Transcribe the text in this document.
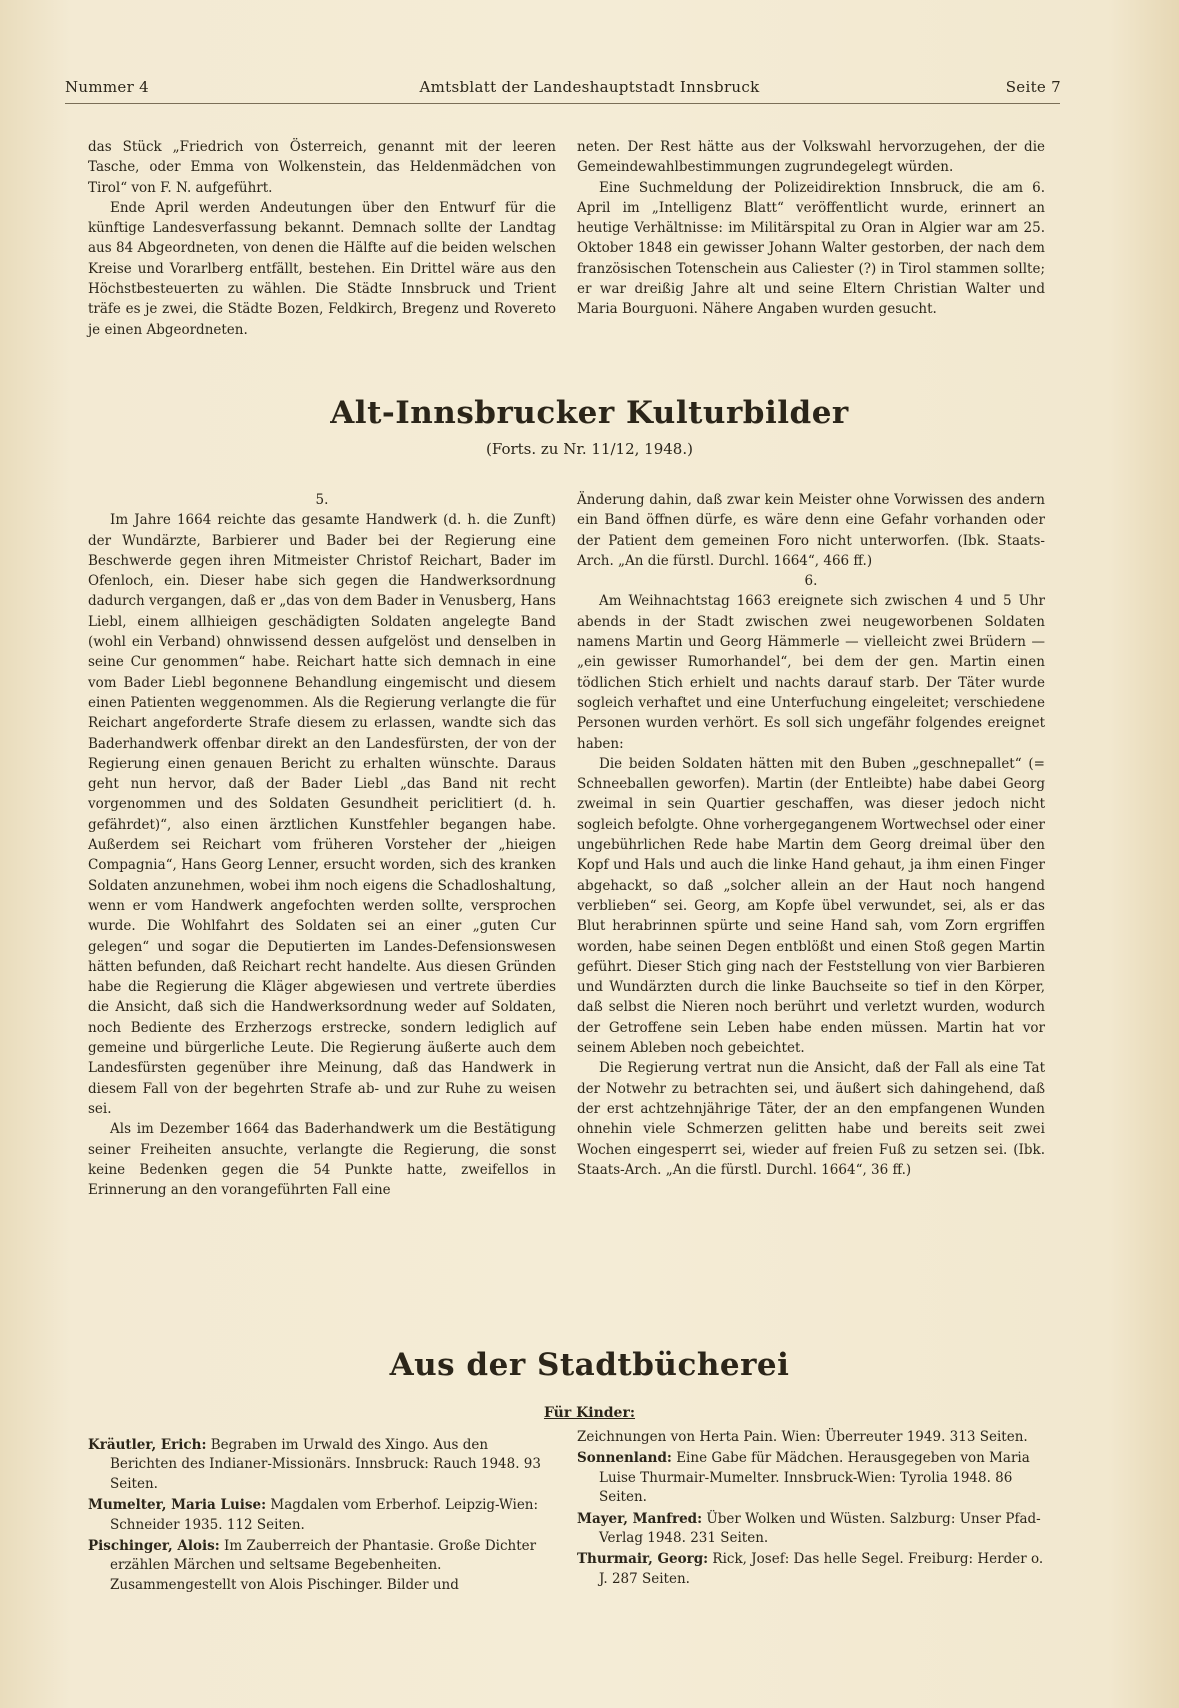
Nummer 4	Amtsblatt der Landeshauptstadt Innsbruck	Seite 7

das Stück „Friedrich von Österreich, genannt mit der leeren Tasche, oder Emma von Wolkenstein, das Heldenmädchen von Tirol“ von F. N. aufgeführt.

Ende April werden Andeutungen über den Entwurf für die künftige Landesverfassung bekannt. Demnach sollte der Landtag aus 84 Abgeordneten, von denen die Hälfte auf die beiden welschen Kreise und Vorarlberg entfällt, bestehen. Ein Drittel wäre aus den Höchstbesteuerten zu wählen. Die Städte Innsbruck und Trient träfe es je zwei, die Städte Bozen, Feldkirch, Bregenz und Rovereto je einen Abgeordneten.

neten. Der Rest hätte aus der Volkswahl hervorzugehen, der die Gemeindewahlbestimmungen zugrundegelegt würden.

Eine Suchmeldung der Polizeidirektion Innsbruck, die am 6. April im „Intelligenz Blatt“ veröffentlicht wurde, erinnert an heutige Verhältnisse: im Militärspital zu Oran in Algier war am 25. Oktober 1848 ein gewisser Johann Walter gestorben, der nach dem französischen Totenschein aus Caliester (?) in Tirol stammen sollte; er war dreißig Jahre alt und seine Eltern Christian Walter und Maria Bourguoni. Nähere Angaben wurden gesucht.

Alt-Innsbrucker Kulturbilder
(Forts. zu Nr. 11/12, 1948.)

5.

Im Jahre 1664 reichte das gesamte Handwerk (d. h. die Zunft) der Wundärzte, Barbierer und Bader bei der Regierung eine Beschwerde gegen ihren Mitmeister Christof Reichart, Bader im Ofenloch, ein. Dieser habe sich gegen die Handwerksordnung dadurch vergangen, daß er „das von dem Bader in Venusberg, Hans Liebl, einem allhieigen geschädigten Soldaten angelegte Band (wohl ein Verband) ohnwissend dessen aufgelöst und denselben in seine Cur genommen“ habe. Reichart hatte sich demnach in eine vom Bader Liebl begonnene Behandlung eingemischt und diesem einen Patienten weggenommen. Als die Regierung verlangte die für Reichart angeforderte Strafe diesem zu erlassen, wandte sich das Baderhandwerk offenbar direkt an den Landesfürsten, der von der Regierung einen genauen Bericht zu erhalten wünschte. Daraus geht nun hervor, daß der Bader Liebl „das Band nit recht vorgenommen und des Soldaten Gesundheit periclitiert (d. h. gefährdet)“, also einen ärztlichen Kunstfehler begangen habe. Außerdem sei Reichart vom früheren Vorsteher der „hieigen Compagnia“, Hans Georg Lenner, ersucht worden, sich des kranken Soldaten anzunehmen, wobei ihm noch eigens die Schadloshaltung, wenn er vom Handwerk angefochten werden sollte, versprochen wurde. Die Wohlfahrt des Soldaten sei an einer „guten Cur gelegen“ und sogar die Deputierten im Landes-Defensionswesen hätten befunden, daß Reichart recht handelte. Aus diesen Gründen habe die Regierung die Kläger abgewiesen und vertrete überdies die Ansicht, daß sich die Handwerksordnung weder auf Soldaten, noch Bediente des Erzherzogs erstrecke, sondern lediglich auf gemeine und bürgerliche Leute. Die Regierung äußerte auch dem Landesfürsten gegenüber ihre Meinung, daß das Handwerk in diesem Fall von der begehrten Strafe ab- und zur Ruhe zu weisen sei.

Als im Dezember 1664 das Baderhandwerk um die Bestätigung seiner Freiheiten ansuchte, verlangte die Regierung, die sonst keine Bedenken gegen die 54 Punkte hatte, zweifellos in Erinnerung an den vorangeführten Fall eine

Änderung dahin, daß zwar kein Meister ohne Vorwissen des andern ein Band öffnen dürfe, es wäre denn eine Gefahr vorhanden oder der Patient dem gemeinen Foro nicht unterworfen. (Ibk. Staats-Arch. „An die fürstl. Durchl. 1664“, 466 ff.)

6.

Am Weihnachtstag 1663 ereignete sich zwischen 4 und 5 Uhr abends in der Stadt zwischen zwei neugeworbenen Soldaten namens Martin und Georg Hämmerle — vielleicht zwei Brüdern — „ein gewisser Rumorhandel“, bei dem der gen. Martin einen tödlichen Stich erhielt und nachts darauf starb. Der Täter wurde sogleich verhaftet und eine Unterfuchung eingeleitet; verschiedene Personen wurden verhört. Es soll sich ungefähr folgendes ereignet haben:

Die beiden Soldaten hätten mit den Buben „geschnepallet“ (= Schneeballen geworfen). Martin (der Entleibte) habe dabei Georg zweimal in sein Quartier geschaffen, was dieser jedoch nicht sogleich befolgte. Ohne vorhergegangenem Wortwechsel oder einer ungebührlichen Rede habe Martin dem Georg dreimal über den Kopf und Hals und auch die linke Hand gehaut, ja ihm einen Finger abgehackt, so daß „solcher allein an der Haut noch hangend verblieben“ sei. Georg, am Kopfe übel verwundet, sei, als er das Blut herabrinnen spürte und seine Hand sah, vom Zorn ergriffen worden, habe seinen Degen entblößt und einen Stoß gegen Martin geführt. Dieser Stich ging nach der Feststellung von vier Barbieren und Wundärzten durch die linke Bauchseite so tief in den Körper, daß selbst die Nieren noch berührt und verletzt wurden, wodurch der Getroffene sein Leben habe enden müssen. Martin hat vor seinem Ableben noch gebeichtet.

Die Regierung vertrat nun die Ansicht, daß der Fall als eine Tat der Notwehr zu betrachten sei, und äußert sich dahingehend, daß der erst achtzehnjährige Täter, der an den empfangenen Wunden ohnehin viele Schmerzen gelitten habe und bereits seit zwei Wochen eingesperrt sei, wieder auf freien Fuß zu setzen sei. (Ibk. Staats-Arch. „An die fürstl. Durchl. 1664“, 36 ff.)

Aus der Stadtbücherei
Für Kinder:
Kräutler, Erich: Begraben im Urwald des Xingo. Aus den Berichten des Indianer-Missionärs. Innsbruck: Rauch 1948. 93 Seiten.
Mumelter, Maria Luise: Magdalen vom Erberhof. Leipzig-Wien: Schneider 1935. 112 Seiten.
Pischinger, Alois: Im Zauberreich der Phantasie. Große Dichter erzählen Märchen und seltsame Begebenheiten. Zusammengestellt von Alois Pischinger. Bilder und
Zeichnungen von Herta Pain. Wien: Überreuter 1949. 313 Seiten.
Sonnenland: Eine Gabe für Mädchen. Herausgegeben von Maria Luise Thurmair-Mumelter. Innsbruck-Wien: Tyrolia 1948. 86 Seiten.
Mayer, Manfred: Über Wolken und Wüsten. Salzburg: Unser Pfad-Verlag 1948. 231 Seiten.
Thurmair, Georg: Rick, Josef: Das helle Segel. Freiburg: Herder o. J. 287 Seiten.
